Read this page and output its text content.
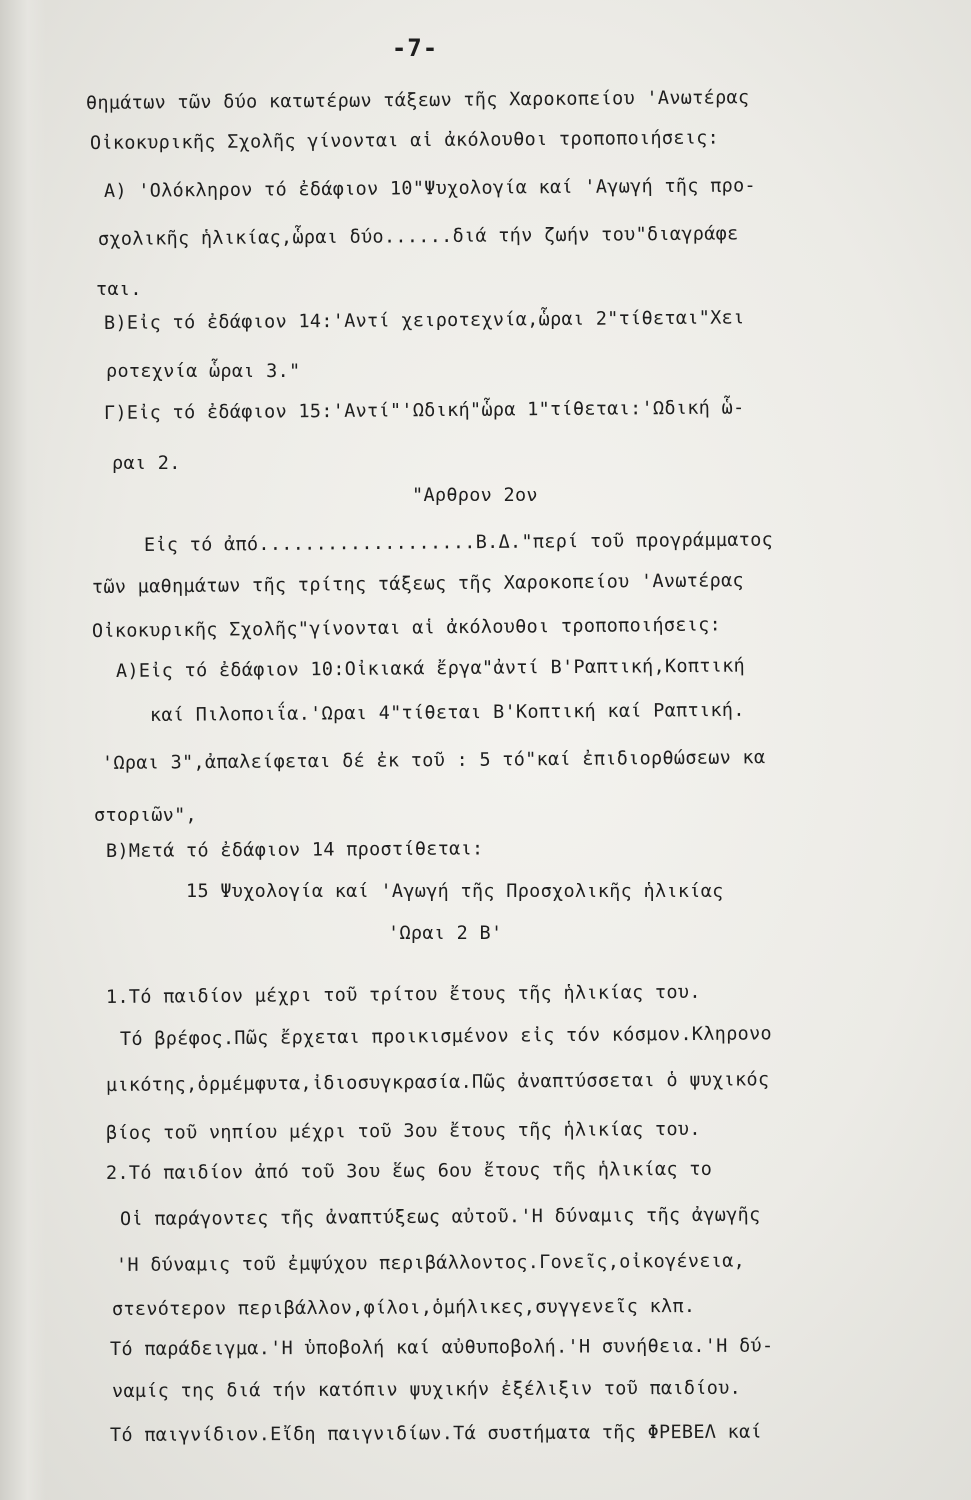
-7-

θημάτων τῶν δύο κατωτέρων τάξεων τῆς Χαροκοπείου 'Ανωτέρας

Οἰκοκυρικῆς Σχολῆς γίνονται αἱ ἀκόλουθοι τροποποιήσεις:

Α) 'Ολόκληρον τό ἐδάφιον 10"Ψυχολογία καί 'Αγωγή τῆς προ-

σχολικῆς ἡλικίας,ὧραι δύο......διά τήν ζωήν του"διαγράφε

ται.

Β)Εἰς τό ἐδάφιον 14:'Αντί χειροτεχνία,ὧραι 2"τίθεται"Χει

ροτεχνία ὧραι 3."

Γ)Εἰς τό ἐδάφιον 15:'Αντί"'Ωδική"ὧρα 1"τίθεται:'Ωδική ὧ-

ραι 2.

"Αρθρον 2ον

Εἰς τό ἀπό...................Β.Δ."περί τοῦ προγράμματος

τῶν μαθημάτων τῆς τρίτης τάξεως τῆς Χαροκοπείου 'Ανωτέρας

Οἰκοκυρικῆς Σχολῆς"γίνονται αἱ ἀκόλουθοι τροποποιήσεις:

Α)Εἰς τό ἐδάφιον 10:Οἰκιακά ἔργα"ἀντί Β'Ραπτική,Κοπτική

καί Πιλοποιΐα.'Ωραι 4"τίθεται Β'Κοπτική καί Ραπτική.

'Ωραι 3",ἀπαλείφεται δέ ἐκ τοῦ : 5 τό"καί ἐπιδιορθώσεων κα

στοριῶν",

Β)Μετά τό ἐδάφιον 14 προστίθεται:

15 Ψυχολογία καί 'Αγωγή τῆς Προσχολικῆς ἡλικίας

'Ωραι 2 Β'

1.Τό παιδίον μέχρι τοῦ τρίτου ἔτους τῆς ἡλικίας του.

Τό βρέφος.Πῶς ἔρχεται προικισμένον εἰς τόν κόσμον.Κληρονο

μικότης,ὁρμέμφυτα,ἰδιοσυγκρασία.Πῶς ἀναπτύσσεται ὁ ψυχικός

βίος τοῦ νηπίου μέχρι τοῦ 3ου ἔτους τῆς ἡλικίας του.

2.Τό παιδίον ἀπό τοῦ 3ου ἕως 6ου ἔτους τῆς ἡλικίας το

Οἱ παράγοντες τῆς ἀναπτύξεως αὐτοῦ.'Η δύναμις τῆς ἀγωγῆς

'Η δύναμις τοῦ ἐμψύχου περιβάλλοντος.Γονεῖς,οἰκογένεια,

στενότερον περιβάλλον,φίλοι,ὁμήλικες,συγγενεῖς κλπ.

Τό παράδειγμα.'Η ὑποβολή καί αὐθυποβολή.'Η συνήθεια.'Η δύ-

ναμίς της διά τήν κατόπιν ψυχικήν ἐξέλιξιν τοῦ παιδίου.

Τό παιγνίδιον.Εἴδη παιγνιδίων.Τά συστήματα τῆς ΦΡΕΒΕΛ καί
